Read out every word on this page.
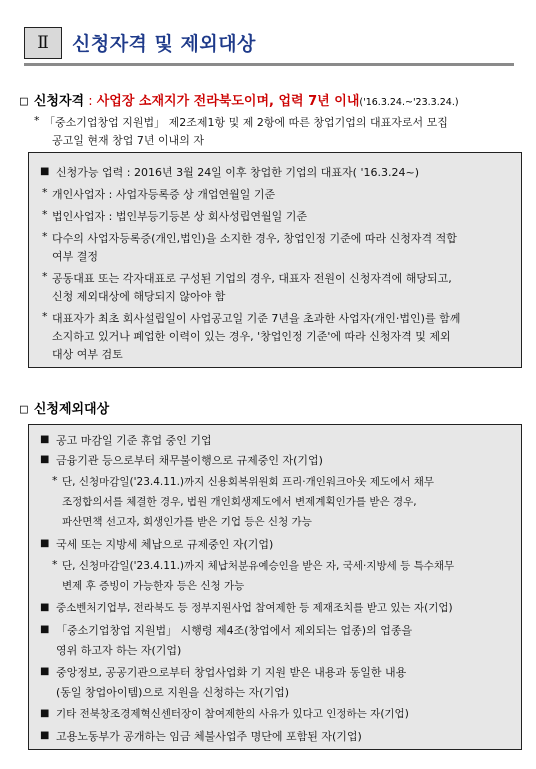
Ⅱ	신청자격 및 제외대상
□ 신청자격 : 사업장 소재지가 전라북도이며, 업력 7년 이내('16.3.24.~'23.3.24.)
* 「중소기업창업 지원법」 제2조제1항 및 제 2항에 따른 창업기업의 대표자로서 모집
공고일 현재 창업 7년 이내의 자
■ 신청가능 업력 : 2016년 3월 24일 이후 창업한 기업의 대표자( '16.3.24~)
* 개인사업자 : 사업자등록증 상 개업연월일 기준
* 법인사업자 : 법인부등기등본 상 회사성립연월일 기준
* 다수의 사업자등록증(개인,법인)을 소지한 경우, 창업인정 기준에 따라 신청자격 적합
여부 결정
* 공동대표 또는 각자대표로 구성된 기업의 경우, 대표자 전원이 신청자격에 해당되고,
신청 제외대상에 해당되지 않아야 함
* 대표자가 최초 회사설립일이 사업공고일 기준 7년을 초과한 사업자(개인·법인)를 함께
소지하고 있거나 폐업한 이력이 있는 경우, '창업인정 기준'에 따라 신청자격 및 제외
대상 여부 검토
□ 신청제외대상
■ 공고 마감일 기준 휴업 중인 기업
■ 금융기관 등으로부터 채무불이행으로 규제중인 자(기업)
* 단, 신청마감일('23.4.11.)까지 신용회복위원회 프리·개인워크아웃 제도에서 채무
조정합의서를 체결한 경우, 법원 개인회생제도에서 변제계획인가를 받은 경우,
파산면책 선고자, 회생인가를 받은 기업 등은 신청 가능
■ 국세 또는 지방세 체납으로 규제중인 자(기업)
* 단, 신청마감일('23.4.11.)까지 체납처분유예승인을 받은 자, 국세·지방세 등 특수채무
변제 후 증빙이 가능한자 등은 신청 가능
■ 중소벤처기업부, 전라북도 등 정부지원사업 참여제한 등 제재조치를 받고 있는 자(기업)
■ 「중소기업창업 지원법」 시행령 제4조(창업에서 제외되는 업종)의 업종을
영위 하고자 하는 자(기업)
■ 중앙정보, 공공기관으로부터 창업사업화 기 지원 받은 내용과 동일한 내용
(동일 창업아이템)으로 지원을 신청하는 자(기업)
■ 기타 전북창조경제혁신센터장이 참여제한의 사유가 있다고 인정하는 자(기업)
■ 고용노동부가 공개하는 임금 체불사업주 명단에 포함된 자(기업)
